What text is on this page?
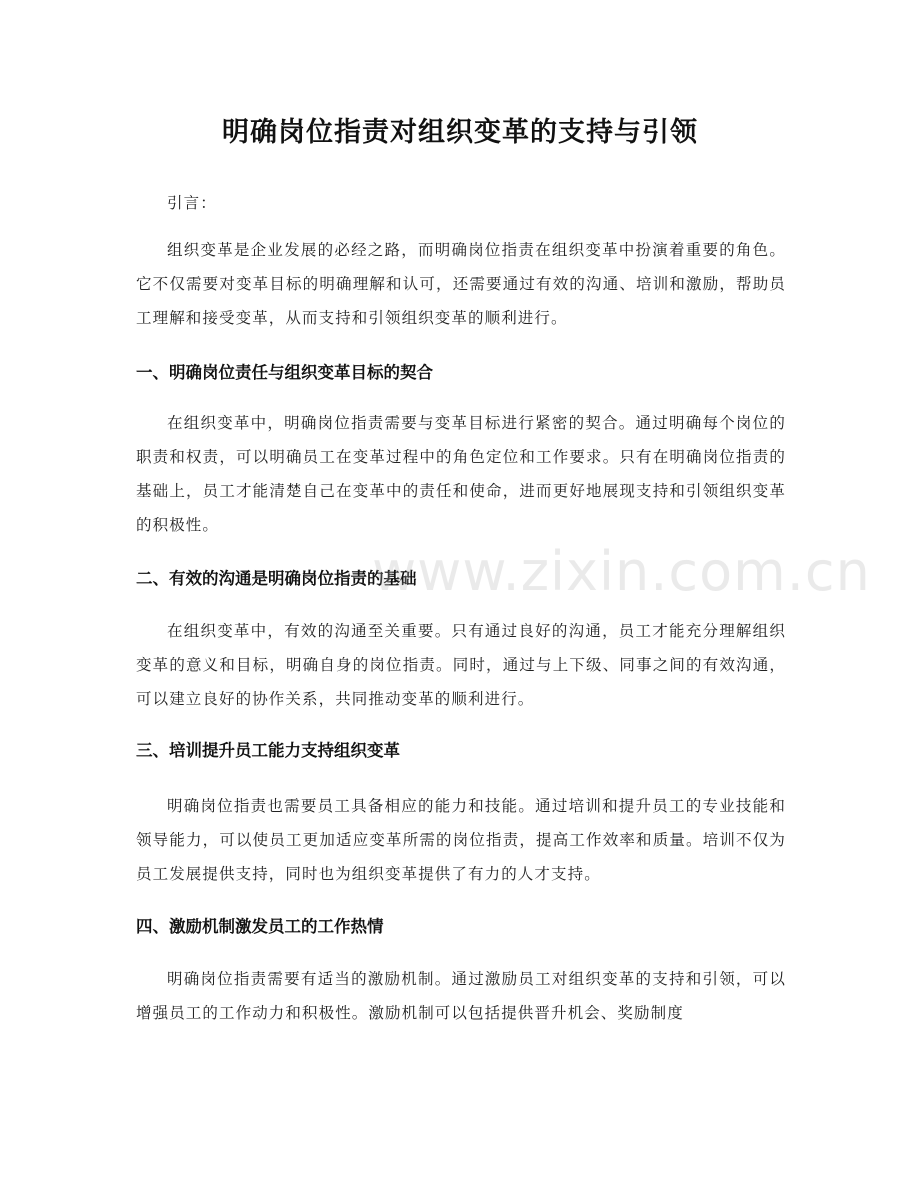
明确岗位指责对组织变革的支持与引领

引言：

组织变革是企业发展的必经之路，而明确岗位指责在组织变革中扮演着重要的角色。它不仅需要对变革目标的明确理解和认可，还需要通过有效的沟通、培训和激励，帮助员工理解和接受变革，从而支持和引领组织变革的顺利进行。

一、明确岗位责任与组织变革目标的契合

在组织变革中，明确岗位指责需要与变革目标进行紧密的契合。通过明确每个岗位的职责和权责，可以明确员工在变革过程中的角色定位和工作要求。只有在明确岗位指责的基础上，员工才能清楚自己在变革中的责任和使命，进而更好地展现支持和引领组织变革的积极性。

二、有效的沟通是明确岗位指责的基础

在组织变革中，有效的沟通至关重要。只有通过良好的沟通，员工才能充分理解组织变革的意义和目标，明确自身的岗位指责。同时，通过与上下级、同事之间的有效沟通，可以建立良好的协作关系，共同推动变革的顺利进行。

三、培训提升员工能力支持组织变革

明确岗位指责也需要员工具备相应的能力和技能。通过培训和提升员工的专业技能和领导能力，可以使员工更加适应变革所需的岗位指责，提高工作效率和质量。培训不仅为员工发展提供支持，同时也为组织变革提供了有力的人才支持。

四、激励机制激发员工的工作热情

明确岗位指责需要有适当的激励机制。通过激励员工对组织变革的支持和引领，可以增强员工的工作动力和积极性。激励机制可以包括提供晋升机会、奖励制度

www.zixin.com.cn
